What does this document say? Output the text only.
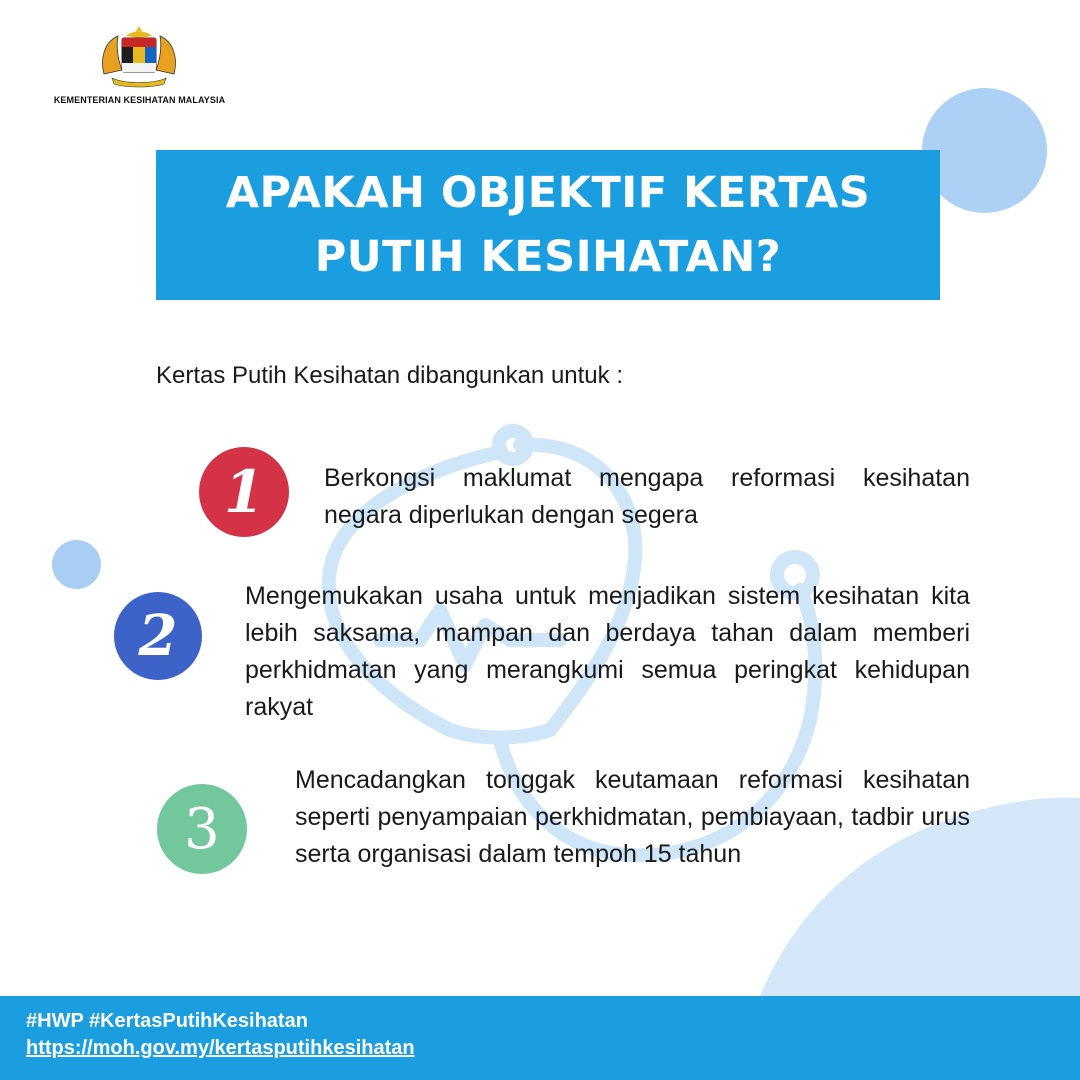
KEMENTERIAN KESIHATAN MALAYSIA
APAKAH OBJEKTIF KERTAS
PUTIH KESIHATAN?
Kertas Putih Kesihatan dibangunkan untuk :
1	Berkongsi maklumat mengapa reformasi kesihatan negara diperlukan dengan segera

2

Mengemukakan usaha untuk menjadikan sistem kesihatan kita lebih saksama, mampan dan berdaya tahan dalam memberi perkhidmatan yang merangkumi semua peringkat kehidupan rakyat

3

Mencadangkan tonggak keutamaan reformasi kesihatan seperti penyampaian perkhidmatan, pembiayaan, tadbir urus serta organisasi dalam tempoh 15 tahun

#HWP #KertasPutihKesihatan
https://moh.gov.my/kertasputihkesihatan
